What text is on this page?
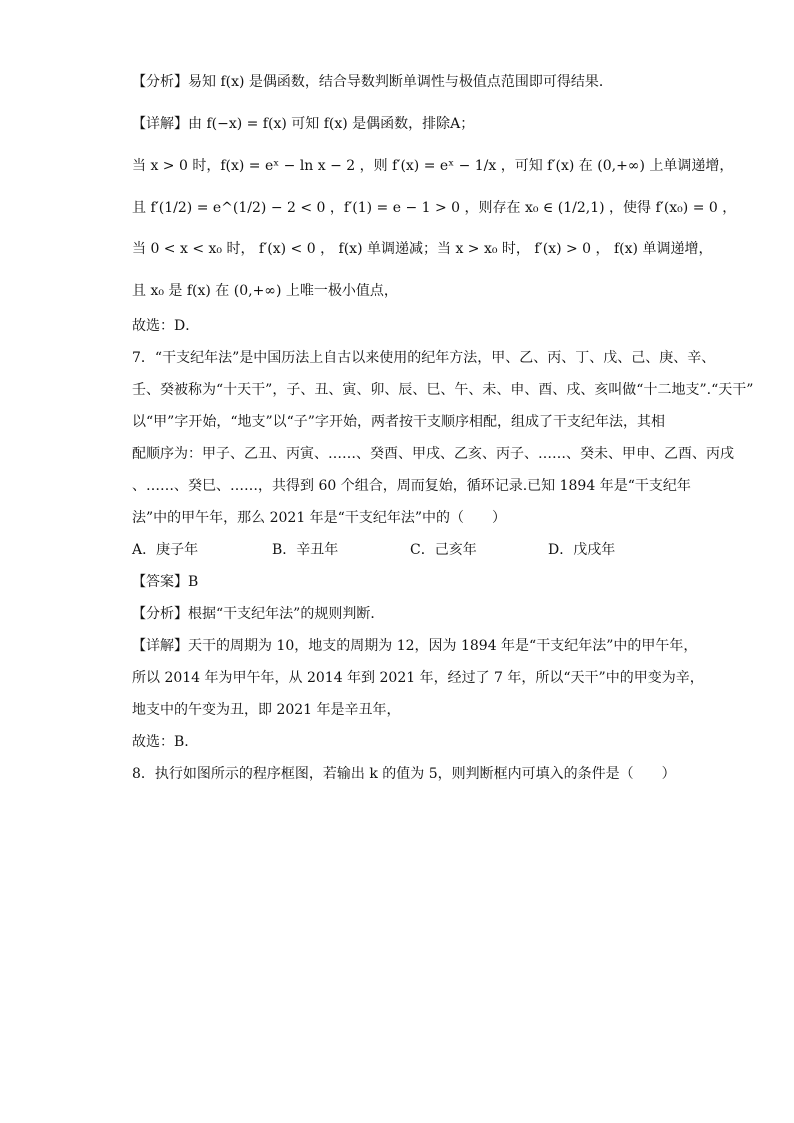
【分析】易知 f(x) 是偶函数，结合导数判断单调性与极值点范围即可得结果．
【详解】由 f(−x) = f(x) 可知 f(x) 是偶函数，排除A；
当 x > 0 时，f(x) = eˣ − ln x − 2 ，则 f′(x) = eˣ − 1/x ，可知 f′(x) 在 (0,+∞) 上单调递增，
且 f′(1/2) = e^(1/2) − 2 < 0 ，f′(1) = e − 1 > 0 ，则存在 x₀ ∈ (1/2,1) ，使得 f′(x₀) = 0 ，
当 0 < x < x₀ 时， f′(x) < 0 ， f(x) 单调递减；当 x > x₀ 时， f′(x) > 0 ， f(x) 单调递增，
且 x₀ 是 f(x) 在 (0,+∞) 上唯一极小值点，
故选：D．
7．“干支纪年法”是中国历法上自古以来使用的纪年方法，甲、乙、丙、丁、戊、己、庚、辛、
壬、癸被称为“十天干”，子、丑、寅、卯、辰、巳、午、未、申、酉、戌、亥叫做“十二地支”.“天干”
以“甲”字开始，“地支”以“子”字开始，两者按干支顺序相配，组成了干支纪年法，其相
配顺序为：甲子、乙丑、丙寅、……、癸酉、甲戌、乙亥、丙子、……、癸未、甲申、乙酉、丙戌
、……、癸巳、……，共得到 60 个组合，周而复始，循环记录.已知 1894 年是“干支纪年
法”中的甲午年，那么 2021 年是“干支纪年法”中的（　　）
A．庚子年	B．辛丑年	C．己亥年	D．戊戌年
【答案】B
【分析】根据“干支纪年法”的规则判断．
【详解】天干的周期为 10，地支的周期为 12，因为 1894 年是“干支纪年法”中的甲午年，
所以 2014 年为甲午年，从 2014 年到 2021 年，经过了 7 年，所以“天干”中的甲变为辛，
地支中的午变为丑，即 2021 年是辛丑年，
故选：B.
8．执行如图所示的程序框图，若输出 k 的值为 5，则判断框内可填入的条件是（　　）
